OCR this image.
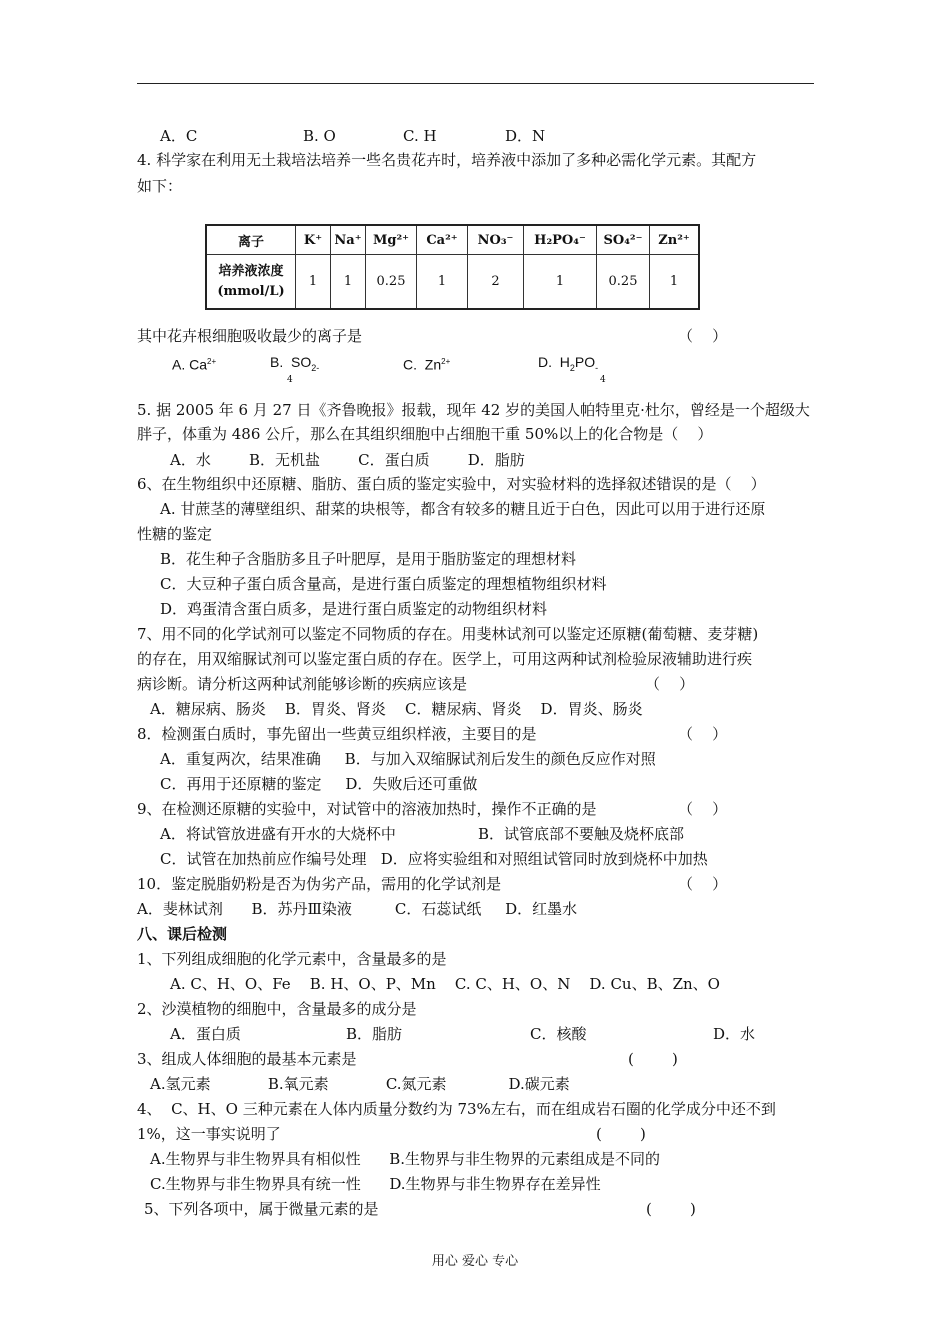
A．C	B. O	C. H	D．N
4. 科学家在利用无土栽培法培养一些名贵花卉时，培养液中添加了多种必需化学元素。其配方
如下：
离子	K⁺	Na⁺	Mg²⁺	Ca²⁺	NO₃⁻	H₂PO₄⁻	SO₄²⁻	Zn²⁺

培养液浓度
(mmol/L)	1	1	0.25	1	2	1	0.25	1
其中花卉根细胞吸收最少的离子是	（    ）
A. $Ca^{2+}$	B.  $SO_{2-}$
4
C.  $Zn^{2+}$	D.  $H_2PO_-$
4
5. 据 2005 年 6 月 27 日《齐鲁晚报》报载，现年 42 岁的美国人帕特里克·杜尔，曾经是一个超级大
胖子，体重为 486 公斤，那么在其组织细胞中占细胞干重 50%以上的化合物是（    ）
A．水        B．无机盐        C．蛋白质        D．脂肪
6、在生物组织中还原糖、脂肪、蛋白质的鉴定实验中，对实验材料的选择叙述错误的是（    ）
A. 甘蔗茎的薄壁组织、甜菜的块根等，都含有较多的糖且近于白色，因此可以用于进行还原
性糖的鉴定
B．花生种子含脂肪多且子叶肥厚，是用于脂肪鉴定的理想材料
C．大豆种子蛋白质含量高，是进行蛋白质鉴定的理想植物组织材料
D．鸡蛋清含蛋白质多，是进行蛋白质鉴定的动物组织材料
7、用不同的化学试剂可以鉴定不同物质的存在。用斐林试剂可以鉴定还原糖(葡萄糖、麦芽糖)
的存在，用双缩脲试剂可以鉴定蛋白质的存在。医学上，可用这两种试剂检验尿液辅助进行疾
病诊断。请分析这两种试剂能够诊断的疾病应该是	（    ）
A．糖尿病、肠炎    B．胃炎、肾炎    C．糖尿病、肾炎    D．胃炎、肠炎
8．检测蛋白质时，事先留出一些黄豆组织样液，主要目的是	（    ）
A．重复两次，结果准确     B．与加入双缩脲试剂后发生的颜色反应作对照
C．再用于还原糖的鉴定     D．失败后还可重做
9、在检测还原糖的实验中，对试管中的溶液加热时，操作不正确的是	（    ）
A．将试管放进盛有开水的大烧杯中	B．试管底部不要触及烧杯底部
C．试管在加热前应作编号处理   D．应将实验组和对照组试管同时放到烧杯中加热
10．鉴定脱脂奶粉是否为伪劣产品，需用的化学试剂是	（    ）
A．斐林试剂      B．苏丹Ⅲ染液         C．石蕊试纸     D．红墨水
八、课后检测
1、下列组成细胞的化学元素中，含量最多的是
A. C、H、O、Fe    B. H、O、P、Mn    C. C、H、O、N    D. Cu、B、Zn、O
2、沙漠植物的细胞中，含量最多的成分是
A．蛋白质	B．脂肪	C．核酸	D．水
3、组成人体细胞的最基本元素是	(        )
A.氢元素            B.氧元素            C.氮元素             D.碳元素
4、  C、H、O 三种元素在人体内质量分数约为 73%左右，而在组成岩石圈的化学成分中还不到
1%，这一事实说明了	(        )
A.生物界与非生物界具有相似性      B.生物界与非生物界的元素组成是不同的
C.生物界与非生物界具有统一性      D.生物界与非生物界存在差异性
5、下列各项中，属于微量元素的是	(        )
用心 爱心 专心
